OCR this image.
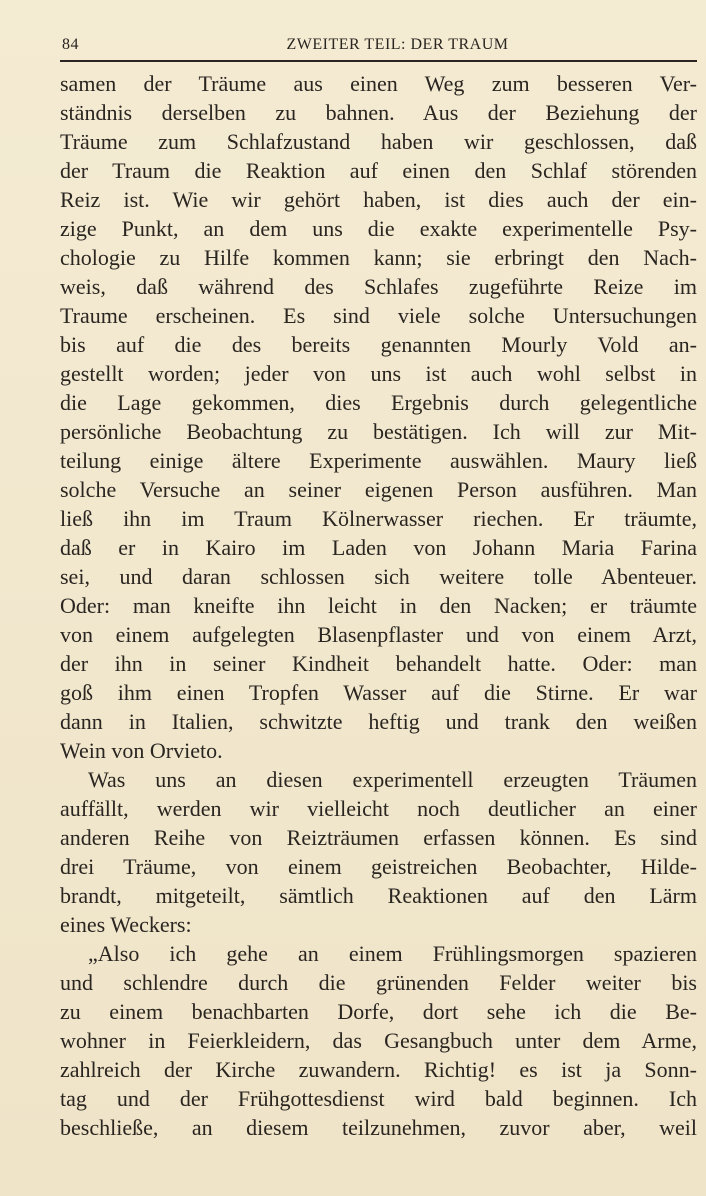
84	ZWEITER TEIL: DER TRAUM
samen der Träume aus einen Weg zum besseren Ver-
ständnis derselben zu bahnen. Aus der Beziehung der
Träume zum Schlafzustand haben wir geschlossen, daß
der Traum die Reaktion auf einen den Schlaf störenden
Reiz ist. Wie wir gehört haben, ist dies auch der ein-
zige Punkt, an dem uns die exakte experimentelle Psy-
chologie zu Hilfe kommen kann; sie erbringt den Nach-
weis, daß während des Schlafes zugeführte Reize im
Traume erscheinen. Es sind viele solche Untersuchungen
bis auf die des bereits genannten Mourly Vold an-
gestellt worden; jeder von uns ist auch wohl selbst in
die Lage gekommen, dies Ergebnis durch gelegentliche
persönliche Beobachtung zu bestätigen. Ich will zur Mit-
teilung einige ältere Experimente auswählen. Maury ließ
solche Versuche an seiner eigenen Person ausführen. Man
ließ ihn im Traum Kölnerwasser riechen. Er träumte,
daß er in Kairo im Laden von Johann Maria Farina
sei, und daran schlossen sich weitere tolle Abenteuer.
Oder: man kneifte ihn leicht in den Nacken; er träumte
von einem aufgelegten Blasenpflaster und von einem Arzt,
der ihn in seiner Kindheit behandelt hatte. Oder: man
goß ihm einen Tropfen Wasser auf die Stirne. Er war
dann in Italien, schwitzte heftig und trank den weißen
Wein von Orvieto.
Was uns an diesen experimentell erzeugten Träumen
auffällt, werden wir vielleicht noch deutlicher an einer
anderen Reihe von Reizträumen erfassen können. Es sind
drei Träume, von einem geistreichen Beobachter, Hilde-
brandt, mitgeteilt, sämtlich Reaktionen auf den Lärm
eines Weckers:
„Also ich gehe an einem Frühlingsmorgen spazieren
und schlendre durch die grünenden Felder weiter bis
zu einem benachbarten Dorfe, dort sehe ich die Be-
wohner in Feierkleidern, das Gesangbuch unter dem Arme,
zahlreich der Kirche zuwandern. Richtig! es ist ja Sonn-
tag und der Frühgottesdienst wird bald beginnen. Ich
beschließe, an diesem teilzunehmen, zuvor aber, weil
